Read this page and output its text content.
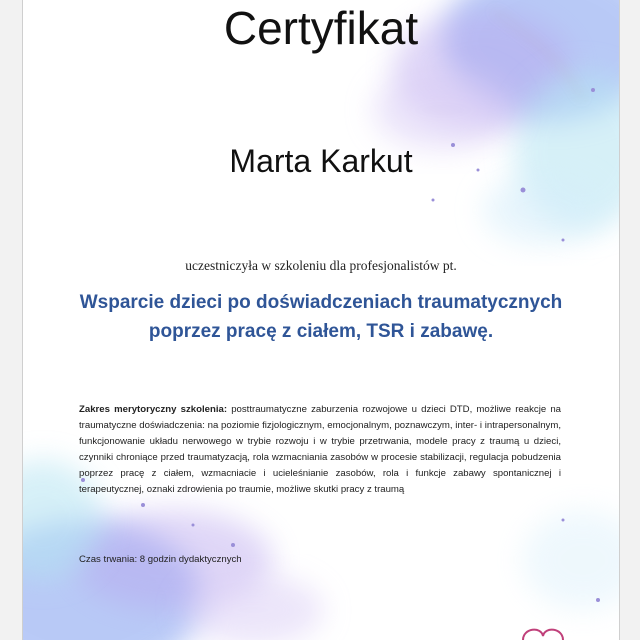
Certyfikat
Marta Karkut
uczestniczyła w szkoleniu dla profesjonalistów pt.
Wsparcie dzieci po doświadczeniach traumatycznych
poprzez pracę z ciałem, TSR i zabawę.
Zakres merytoryczny szkolenia: posttraumatyczne zaburzenia rozwojowe u dzieci DTD, możliwe reakcje na traumatyczne doświadczenia: na poziomie fizjologicznym, emocjonalnym, poznawczym, inter- i intrapersonalnym, funkcjonowanie układu nerwowego w trybie rozwoju i w trybie przetrwania, modele pracy z traumą u dzieci, czynniki chroniące przed traumatyzacją, rola wzmacniania zasobów w procesie stabilizacji, regulacja pobudzenia poprzez pracę z ciałem, wzmacniacie i ucieleśnianie zasobów, rola i funkcje zabawy spontanicznej i terapeutycznej, oznaki zdrowienia po traumie, możliwe skutki pracy z traumą
Czas trwania: 8 godzin dydaktycznych
